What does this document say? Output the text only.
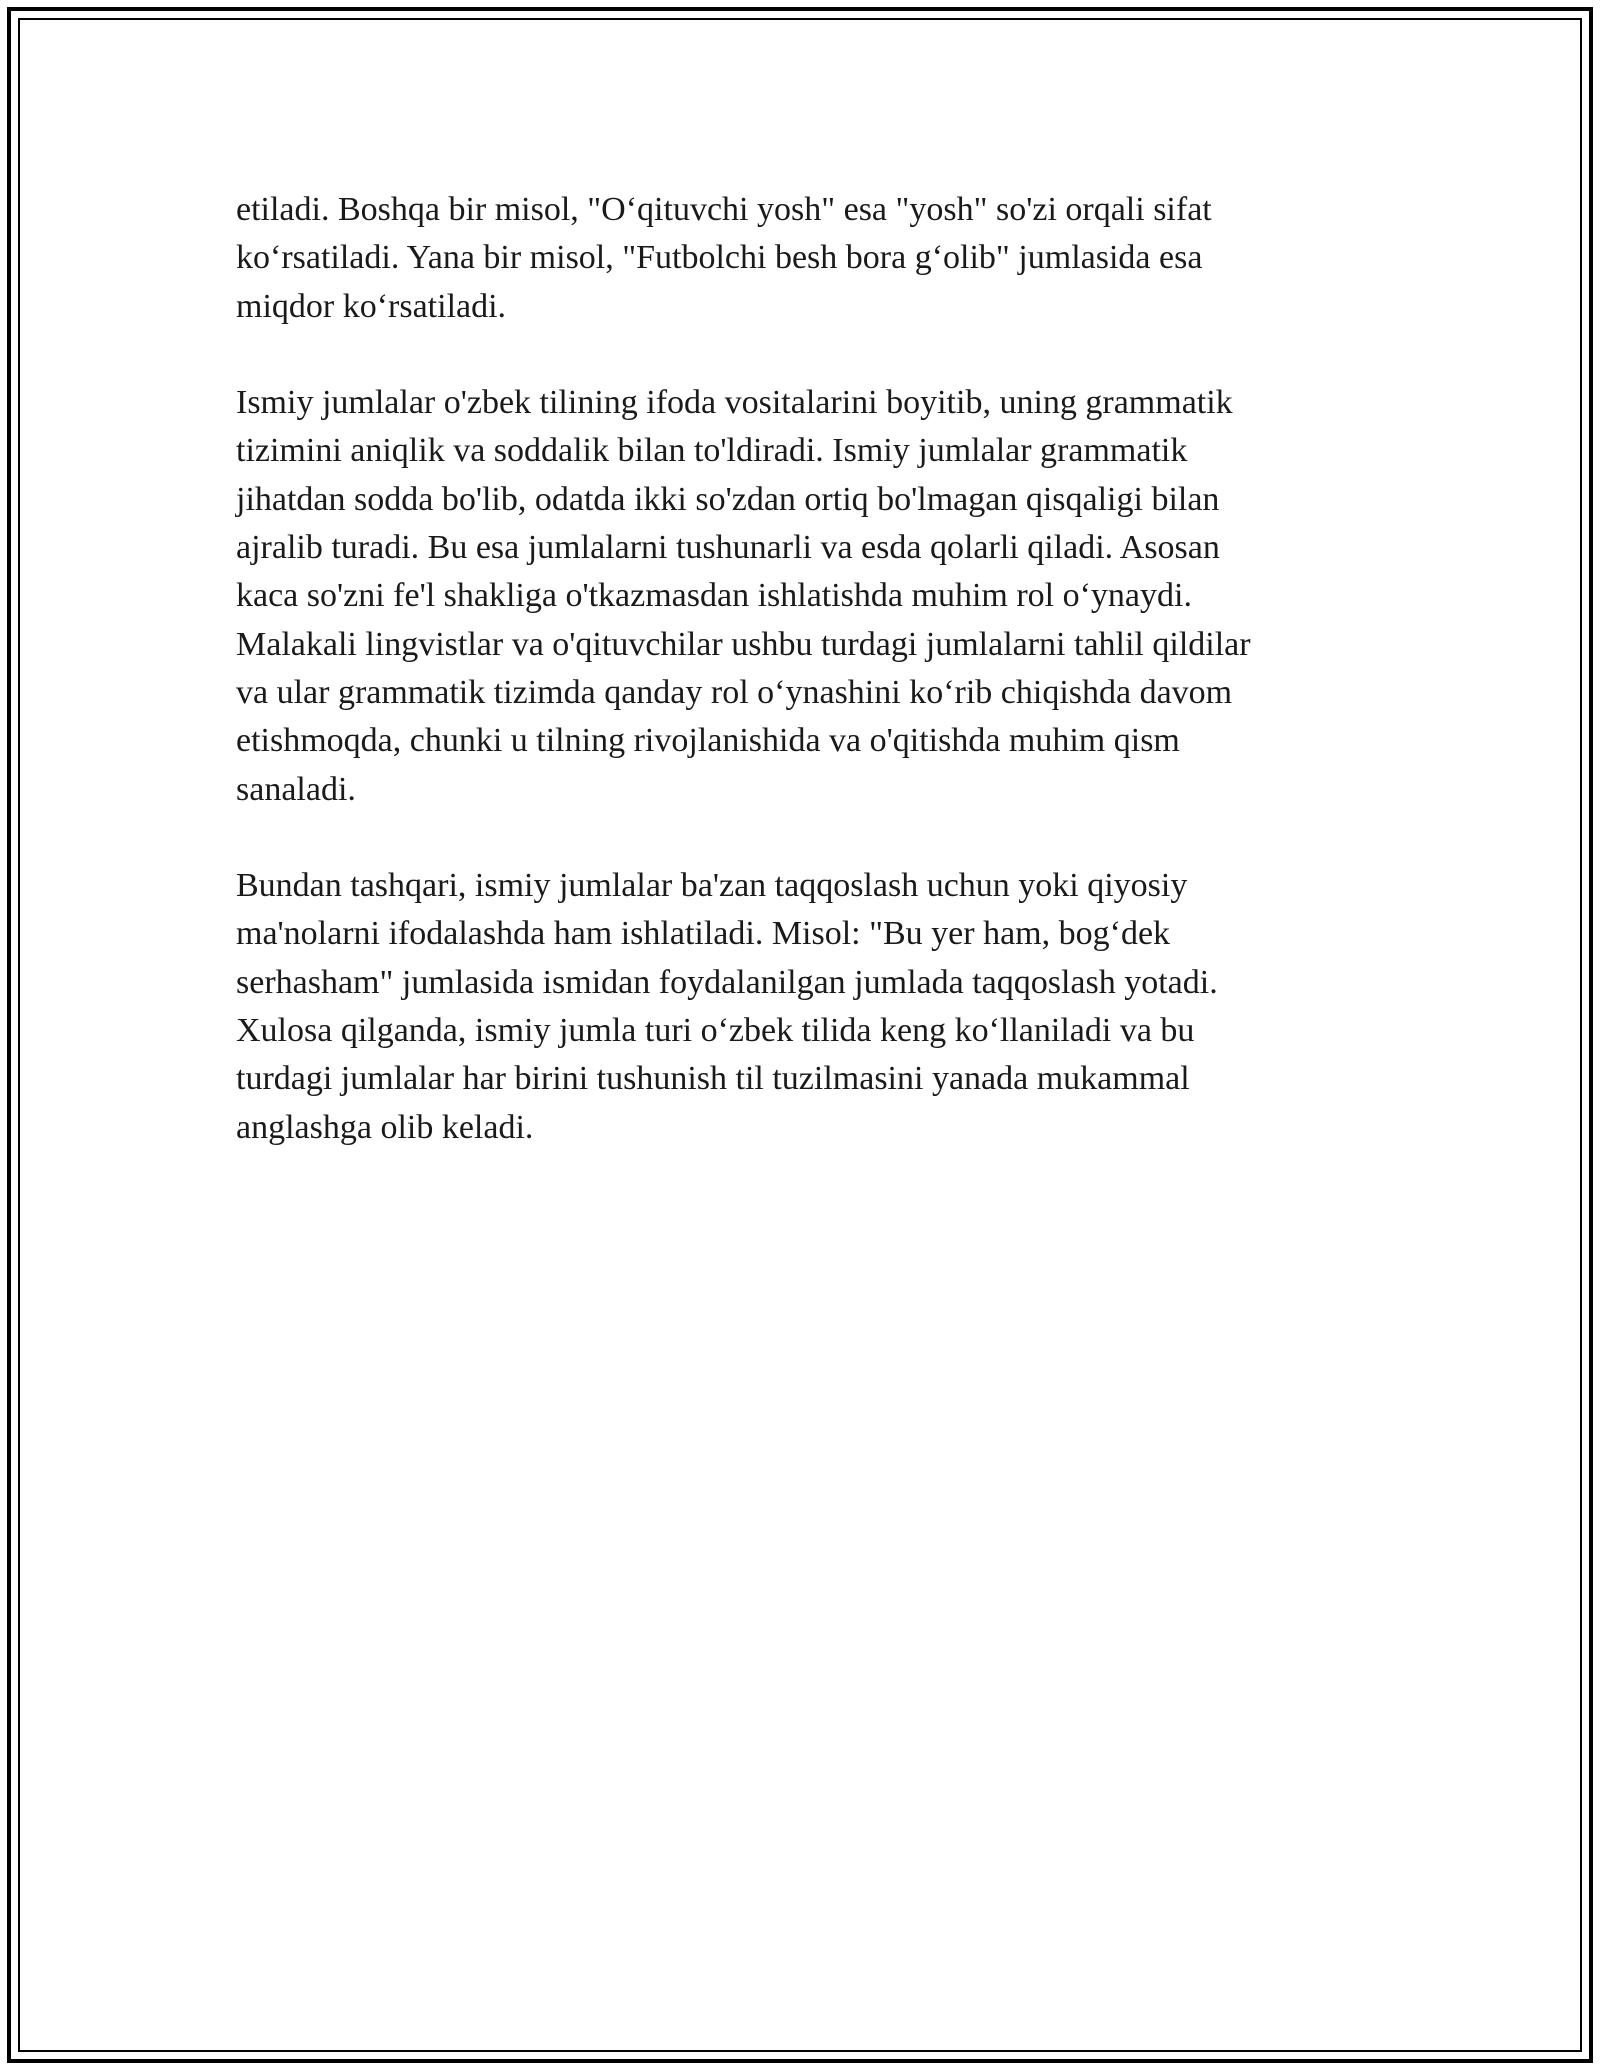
etiladi. Boshqa bir misol, "O‘qituvchi yosh" esa "yosh" so'zi orqali sifat
ko‘rsatiladi. Yana bir misol, "Futbolchi besh bora g‘olib" jumlasida esa
miqdor ko‘rsatiladi.

Ismiy jumlalar o'zbek tilining ifoda vositalarini boyitib, uning grammatik
tizimini aniqlik va soddalik bilan to'ldiradi. Ismiy jumlalar grammatik
jihatdan sodda bo'lib, odatda ikki so'zdan ortiq bo'lmagan qisqaligi bilan
ajralib turadi. Bu esa jumlalarni tushunarli va esda qolarli qiladi. Asosan
kaca so'zni fe'l shakliga o'tkazmasdan ishlatishda muhim rol o‘ynaydi.
Malakali lingvistlar va o'qituvchilar ushbu turdagi jumlalarni tahlil qildilar
va ular grammatik tizimda qanday rol o‘ynashini ko‘rib chiqishda davom
etishmoqda, chunki u tilning rivojlanishida va o'qitishda muhim qism
sanaladi.

Bundan tashqari, ismiy jumlalar ba'zan taqqoslash uchun yoki qiyosiy
ma'nolarni ifodalashda ham ishlatiladi. Misol: "Bu yer ham, bog‘dek
serhasham" jumlasida ismidan foydalanilgan jumlada taqqoslash yotadi.
Xulosa qilganda, ismiy jumla turi o‘zbek tilida keng ko‘llaniladi va bu
turdagi jumlalar har birini tushunish til tuzilmasini yanada mukammal
anglashga olib keladi.
